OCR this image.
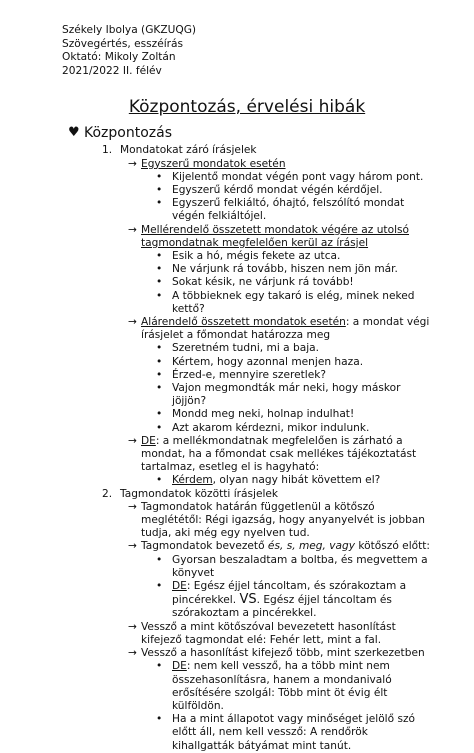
Székely Ibolya (GKZUQG)
Szövegértés, esszéírás
Oktató: Mikoly Zoltán
2021/2022 II. félév
Központozás, érvelési hibák
♥ Központozás
1. Mondatokat záró írásjelek
→ Egyszerű mondatok esetén
• Kijelentő mondat végén pont vagy három pont.
• Egyszerű kérdő mondat végén kérdőjel.
• Egyszerű felkiáltó, óhajtó, felszólító mondat végén felkiáltójel.
→ Mellérendelő összetett mondatok végére az utolsó tagmondatnak megfelelően kerül az írásjel
• Esik a hó, mégis fekete az utca.
• Ne várjunk rá tovább, hiszen nem jön már.
• Sokat késik, ne várjunk rá tovább!
• A többieknek egy takaró is elég, minek neked kettő?
→ Alárendelő összetett mondatok esetén: a mondat végi írásjelet a főmondat határozza meg
• Szeretném tudni, mi a baja.
• Kértem, hogy azonnal menjen haza.
• Érzed-e, mennyire szeretlek?
• Vajon megmondták már neki, hogy máskor jöjjön?
• Mondd meg neki, holnap indulhat!
• Azt akarom kérdezni, mikor indulunk.
→ DE: a mellékmondatnak megfelelően is zárható a mondat, ha a főmondat csak mellékes tájékoztatást tartalmaz, esetleg el is hagyható:
• Kérdem, olyan nagy hibát követtem el?
2. Tagmondatok közötti írásjelek
→ Tagmondatok határán függetlenül a kötőszó meglététől: Régi igazság, hogy anyanyelvét is jobban tudja, aki még egy nyelven tud.
→ Tagmondatok bevezető és, s, meg, vagy kötőszó előtt:
• Gyorsan beszaladtam a boltba, és megvettem a könyvet
• DE: Egész éjjel táncoltam, és szórakoztam a pincérekkel. VS. Egész éjjel táncoltam és szórakoztam a pincérekkel.
→ Vessző a mint kötőszóval bevezetett hasonlítást kifejező tagmondat elé: Fehér lett, mint a fal.
→ Vessző a hasonlítást kifejező több, mint szerkezetben
• DE: nem kell vessző, ha a több mint nem összehasonlításra, hanem a mondanivaló erősítésére szolgál: Több mint öt évig élt külföldön.
• Ha a mint állapotot vagy minőséget jelölő szó előtt áll, nem kell vessző: A rendőrök kihallgatták bátyámat mint tanút.
